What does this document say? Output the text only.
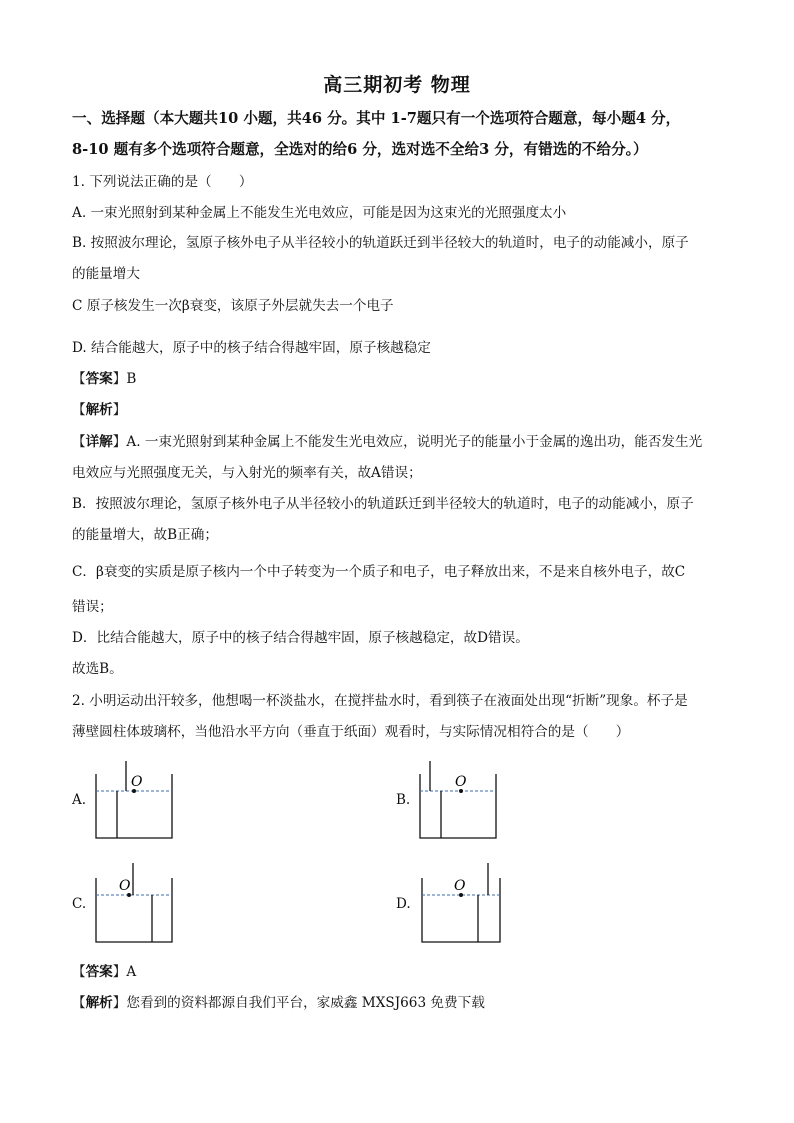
高三期初考 物理
一、选择题（本大题共10 小题，共46 分。其中 1-7题只有一个选项符合题意，每小题4 分，
8-10 题有多个选项符合题意，全选对的给6 分，选对选不全给3 分，有错选的不给分。）
1. 下列说法正确的是（　　）
A. 一束光照射到某种金属上不能发生光电效应，可能是因为这束光的光照强度太小
B. 按照波尔理论，氢原子核外电子从半径较小的轨道跃迁到半径较大的轨道时，电子的动能减小，原子
的能量增大
C 原子核发生一次β衰变，该原子外层就失去一个电子
D. 结合能越大，原子中的核子结合得越牢固，原子核越稳定
【答案】B
【解析】
【详解】A. 一束光照射到某种金属上不能发生光电效应，说明光子的能量小于金属的逸出功，能否发生光
电效应与光照强度无关，与入射光的频率有关，故A错误；
B．按照波尔理论，氢原子核外电子从半径较小的轨道跃迁到半径较大的轨道时，电子的动能减小，原子
的能量增大，故B正确；
C．β衰变的实质是原子核内一个中子转变为一个质子和电子，电子释放出来，不是来自核外电子，故C
错误；
D．比结合能越大，原子中的核子结合得越牢固，原子核越稳定，故D错误。
故选B。
2. 小明运动出汗较多，他想喝一杯淡盐水，在搅拌盐水时，看到筷子在液面处出现“折断”现象。杯子是
薄壁圆柱体玻璃杯，当他沿水平方向（垂直于纸面）观看时，与实际情况相符合的是（　　）
A.
O
B.
O
C.
O
D.
O
【答案】A
【解析】您看到的资料都源自我们平台，家威鑫 MXSJ663 免费下载
